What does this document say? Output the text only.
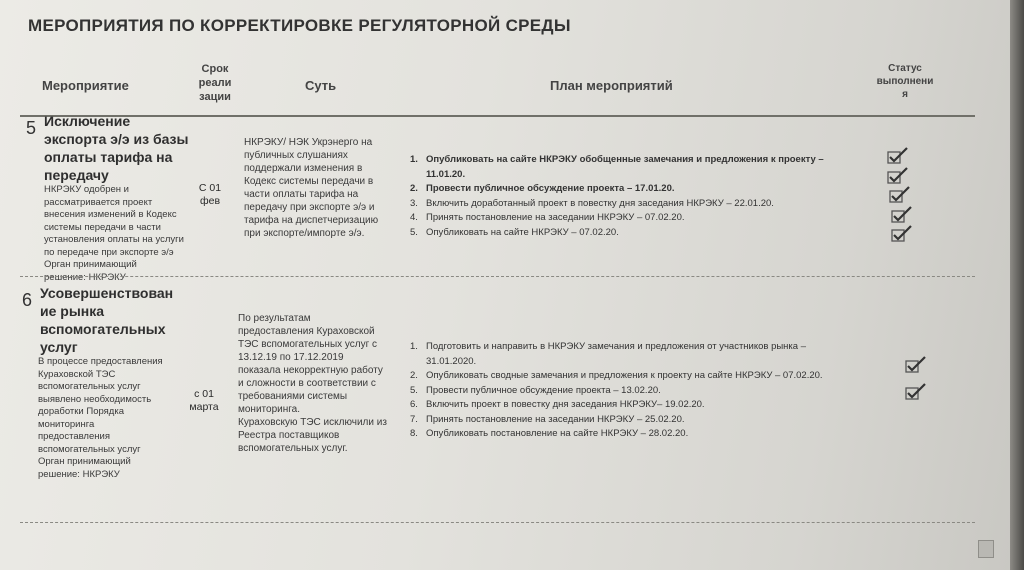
МЕРОПРИЯТИЯ ПО КОРРЕКТИРОВКЕ РЕГУЛЯТОРНОЙ СРЕДЫ
Мероприятие
Срок
реали
зации
Суть	План мероприятий
Статус
выполнени
я
5 Исключение
экспорта э/э из базы
оплаты тарифа на
передачу
НКРЭКУ одобрен и
рассматривается проект
внесения изменений в Кодекс
системы передачи в части
установления оплаты на услуги
по передаче при экспорте э/э
Орган принимающий
решение: НКРЭКУ
С 01
фев
НКРЭКУ/ НЭК Укрэнерго на
публичных слушаниях
поддержали изменения в
Кодекс системы передачи в
части оплаты тарифа на
передачу при экспорте э/э и
тарифа на диспетчеризацию
при экспорте/импорте э/э.
1. Опубликовать на сайте НКРЭКУ обобщенные замечания и предложения к проекту –
11.01.20.
2. Провести публичное обсуждение проекта – 17.01.20.
3. Включить доработанный проект в повестку дня заседания НКРЭКУ – 22.01.20.
4. Принять постановление на заседании НКРЭКУ – 07.02.20.
5. Опубликовать на сайте НКРЭКУ – 07.02.20.
6 Усовершенствован
ие рынка
вспомогательных
услуг
В процессе предоставления
Кураховской ТЭС
вспомогательных услуг
выявлено необходимость
доработки Порядка
мониторинга
предоставления
вспомогательных услуг
Орган принимающий
решение: НКРЭКУ
с 01
марта
По результатам
предоставления Кураховской
ТЭС вспомогательных услуг с
13.12.19 по 17.12.2019
показала некорректную работу
и сложности в соответствии с
требованиями системы
мониторинга.
Кураховскую ТЭС исключили из
Реестра поставщиков
вспомогательных услуг.
1. Подготовить и направить в НКРЭКУ замечания и предложения от участников рынка –
31.01.2020.
2. Опубликовать сводные замечания и предложения к проекту на сайте НКРЭКУ – 07.02.20.
5. Провести публичное обсуждение проекта – 13.02.20.
6. Включить проект в повестку дня заседания НКРЭКУ– 19.02.20.
7. Принять постановление на заседании НКРЭКУ – 25.02.20.
8. Опубликовать постановление на сайте НКРЭКУ – 28.02.20.
